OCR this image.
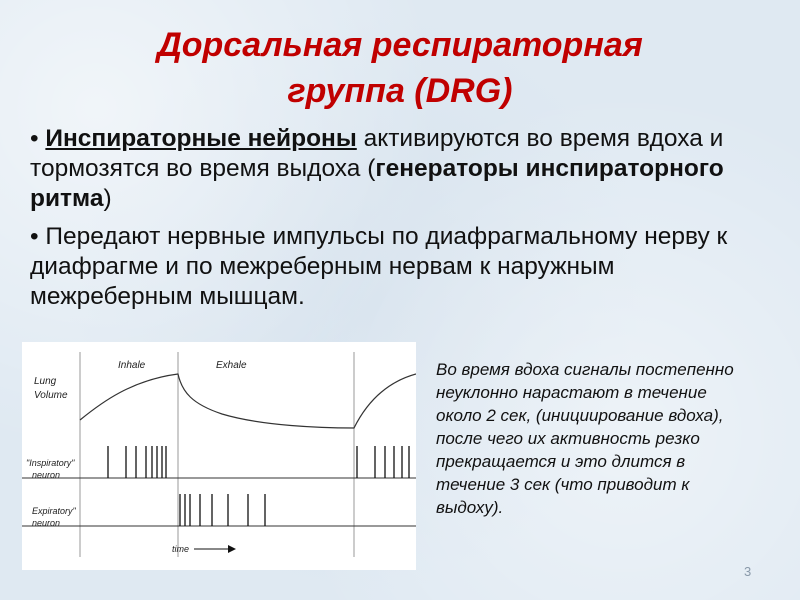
Дорсальная респираторная
группа (DRG)

• Инспираторные нейроны активируются во время вдоха и тормозятся во время выдоха (генераторы инспираторного ритма)

• Передают нервные импульсы по диафрагмальному нерву к диафрагме и по межреберным нервам к наружным межреберным мышцам.

Inhale	Exhale
Lung
Volume
"Inspiratory"
neuron
Expiratory"
neuron
time
Во время вдоха сигналы постепенно неуклонно нарастают в течение около 2 сек, (инициирование вдоха), после чего их активность резко прекращается и это длится в течение 3 сек (что приводит к выдоху).
3
